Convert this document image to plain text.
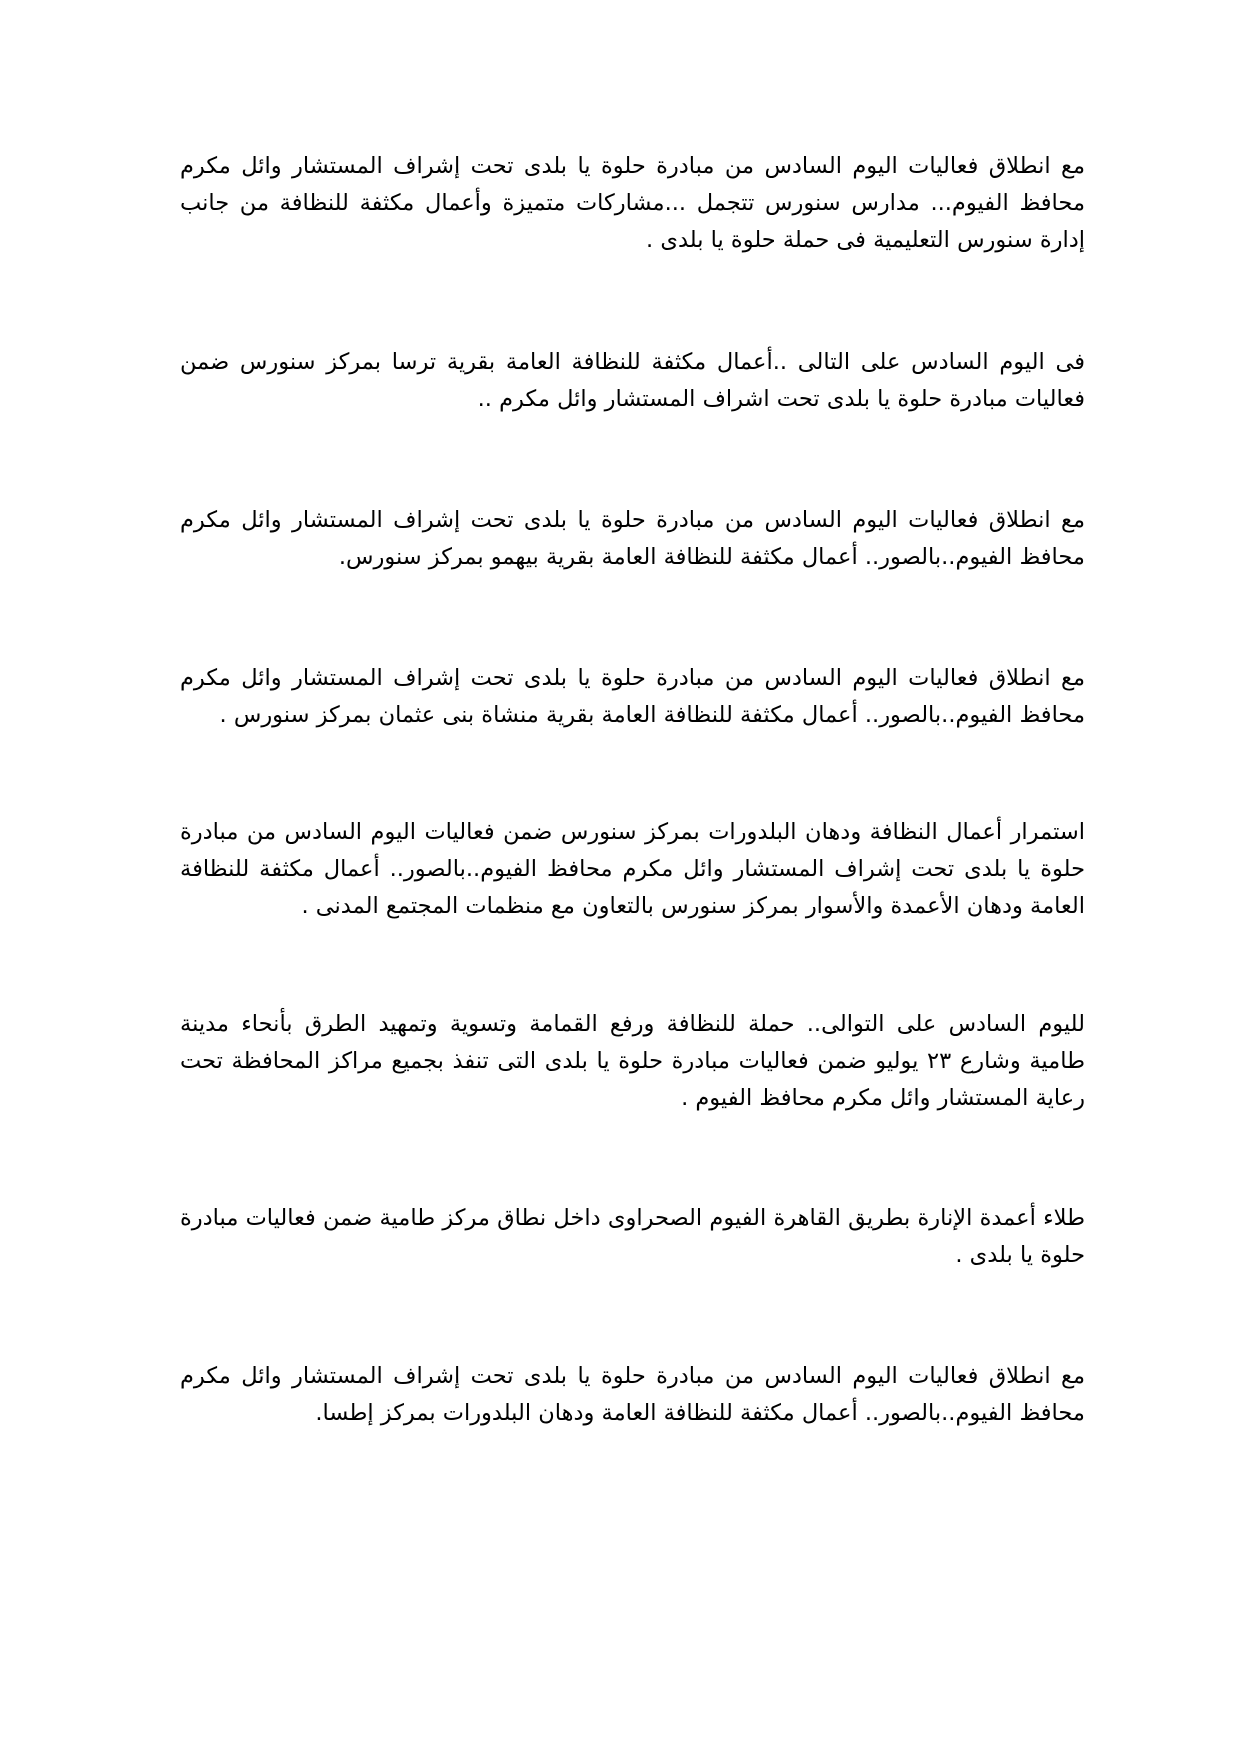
مع انطلاق فعاليات اليوم السادس من مبادرة حلوة يا بلدى تحت إشراف المستشار وائل مكرم محافظ الفيوم... مدارس سنورس تتجمل ...مشاركات متميزة وأعمال مكثفة للنظافة من جانب إدارة سنورس التعليمية فى حملة حلوة يا بلدى .

فى اليوم السادس على التالى ..أعمال مكثفة للنظافة العامة بقرية ترسا بمركز سنورس ضمن فعاليات مبادرة حلوة يا بلدى تحت اشراف المستشار وائل مكرم ..

مع انطلاق فعاليات اليوم السادس من مبادرة حلوة يا بلدى تحت إشراف المستشار وائل مكرم محافظ الفيوم..بالصور.. أعمال مكثفة للنظافة العامة بقرية بيهمو بمركز سنورس.

مع انطلاق فعاليات اليوم السادس من مبادرة حلوة يا بلدى تحت إشراف المستشار وائل مكرم محافظ الفيوم..بالصور.. أعمال مكثفة للنظافة العامة بقرية منشاة بنى عثمان بمركز سنورس .

استمرار أعمال النظافة ودهان البلدورات بمركز سنورس ضمن فعاليات اليوم السادس من مبادرة حلوة يا بلدى تحت إشراف المستشار وائل مكرم محافظ الفيوم..بالصور.. أعمال مكثفة للنظافة العامة ودهان الأعمدة والأسوار بمركز سنورس بالتعاون مع منظمات المجتمع المدنى .

لليوم السادس على التوالى.. حملة للنظافة ورفع القمامة وتسوية وتمهيد الطرق بأنحاء مدينة طامية وشارع ٢٣ يوليو ضمن فعاليات مبادرة حلوة يا بلدى التى تنفذ بجميع مراكز المحافظة تحت رعاية المستشار وائل مكرم محافظ الفيوم .

طلاء أعمدة الإنارة بطريق القاهرة الفيوم الصحراوى داخل نطاق مركز طامية ضمن فعاليات مبادرة حلوة يا بلدى .

مع انطلاق فعاليات اليوم السادس من مبادرة حلوة يا بلدى تحت إشراف المستشار وائل مكرم محافظ الفيوم..بالصور.. أعمال مكثفة للنظافة العامة ودهان البلدورات بمركز إطسا.
